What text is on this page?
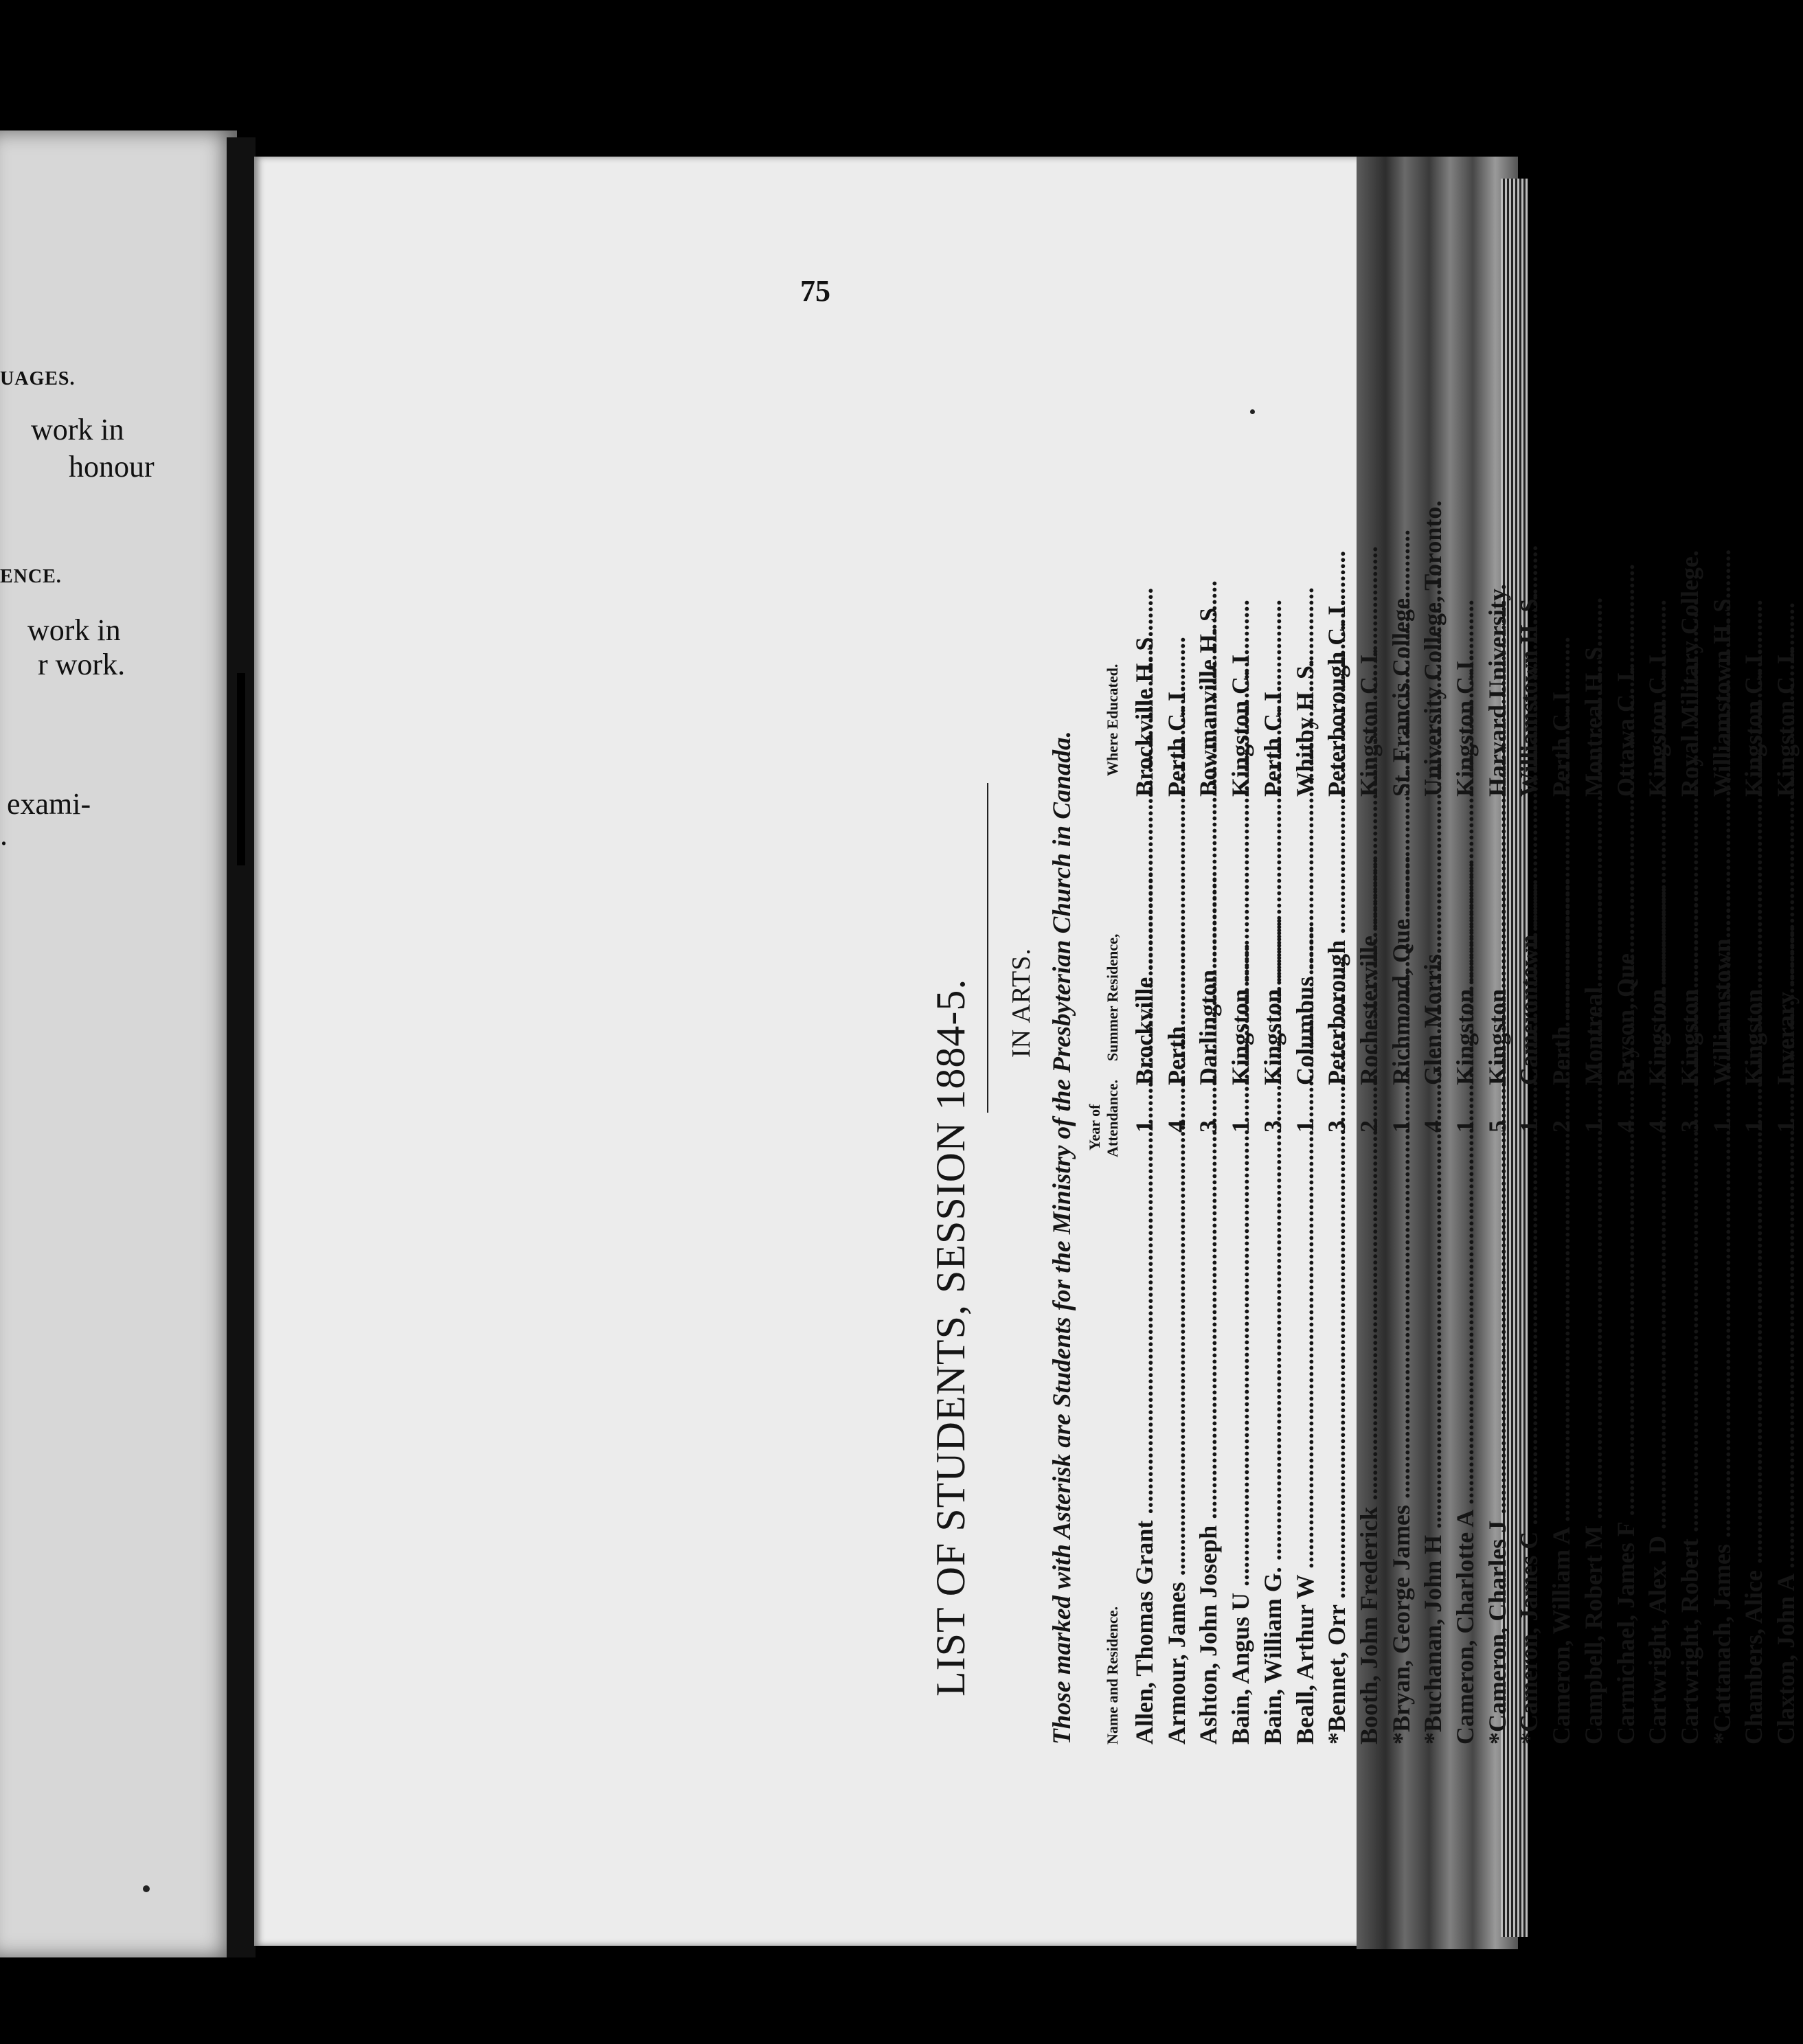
UAGES.
work in
honour
ENCE.
work in
r work.
exami-
.
75
LIST OF STUDENTS, SESSION 1884-5. IN ARTS. Those marked with Asterisk are Students for the Ministry of the Presbyterian Church in Canada. Name and Residence.
Year of Attendance.
Summer Residence,
Where Educated.
Allen, Thomas Grant .....
1
Brockville .....
Brockville H. S.
Armour, James .....
4
Perth .....
Perth C. I.
Ashton, John Joseph .....
3
Darlington .....
Bowmanville H. S
Bain, Angus U .....
1
Kingston .....
Kingston C. I
Bain, William G. .....
3
Kingston .....
Perth C. I.
Beall, Arthur W .....
1
Columbus .....
Whitby H. S.
*Bennet, Orr .....
3
Peterborough .....
Peterborough C. I.
Booth, John Frederick .....
2
Rochesterville .....
Kingston C. I.
*Bryan, George James .....
1
Richmond, Que .....
St. Francis College.
*Buchanan, John H .....
4
Glen Morris .....
University College, Toronto.
Cameron, Charlotte A .....
1
Kingston .....
Kingston C.I.
*Cameron, Charles J .....
5
Kingston .....
Harvard University.
*Cameron, James C .....
1
Camerontown .....
Williamstown H. S.
Cameron, William A .....
2
Perth .....
Perth C. I.
Campbell, Robert M .....
1
Montreal .....
Montreal H. S.
Carmichael, James F .....
4
Bryson, Que .....
Ottawa C. I.
Cartwright, Alex. D .....
4
Kingston .....
Kingston C. I.
Cartwright, Robert .....
3
Kingston .....
Royal Military College.
*Cattanach, James .....
1
Williamstown .....
Williamstown H. S.
Chambers, Alice .....
1
Kingston .....
Kingston C. I.
Claxton, John A .....
1
Inverary .....
Kingston C. I.
